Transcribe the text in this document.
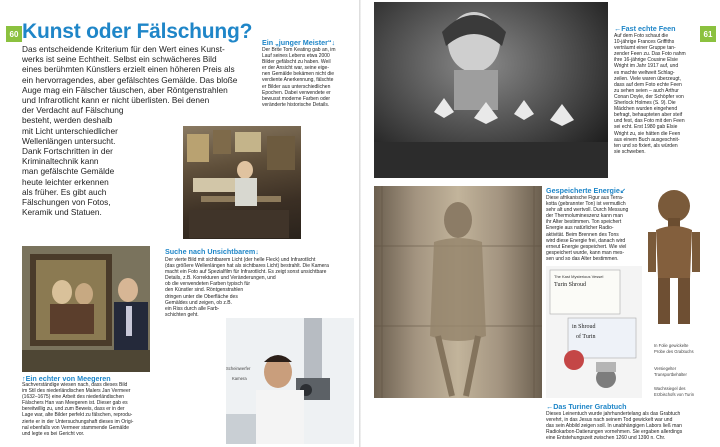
60 Kunst oder Fälschung?
Das entscheidende Kriterium für den Wert eines Kunst-
werks ist seine Echtheit. Selbst ein schwächeres Bild
eines berühmten Künstlers erzielt einen höheren Preis als
ein hervorragendes, aber gefälschtes Gemälde. Das bloße
Auge mag ein Fälscher täuschen, aber Röntgenstrahlen
und Infrarotlicht kann er nicht überlisten. Bei denen
der Verdacht auf Fälschung
besteht, werden deshalb
mit Licht unterschiedlicher
Wellenlängen untersucht.
Dank Fortschritten in der
Kriminaltechnik kann
man gefälschte Gemälde
heute leichter erkennen
als früher. Es gibt auch
Fälschungen von Fotos,
Keramik und Statuen.
Ein „junger Meister“↓
Der Brite Tom Keating gab an, im
Lauf seines Lebens etwa 2000
Bilder gefälscht zu haben. Weil
er der Ansicht war, seine eige-
nen Gemälde bekämen nicht die
verdiente Anerkennung, fälschte
er Bilder aus unterschiedlichen
Epochen. Dabei verwendete er
bewusst moderne Farben oder
veränderte historische Details.
↑Ein echter von Meegeren
Sachverständige wiesen nach, dass dieses Bild
im Stil des niederländischen Malers Jan Vermeer
(1632–1675) eine Arbeit des niederländischen
Fälschers Han van Meegeren ist. Dieser gab es
bereitwillig zu, und zum Beweis, dass er in der
Lage war, alte Bilder perfekt zu fälschen, reprodu-
zierte er in der Untersuchungshaft dieses im Origi-
nal ebenfalls von Vermeer stammende Gemälde
und legte es bei Gericht vor.
Suche nach Unsichtbarem↓
Der vierte Bild mit sichtbarem Licht (der helle Fleck) und Infrarotlicht
(das größere Wellenlängen hat als sichtbares Licht) bestrahlt. Die Kamera
macht ein Foto auf Spezialfilm für Infrarotlicht. Es zeigt sonst unsichtbare
Details, z.B. Korrekturen und Veränderungen, und
ob die verwendeten Farben typisch für
den Künstler sind. Röntgenstrahlen
dringen unter die Oberfläche des
Gemäldes und zeigen, ob z.B.
ein Riss durch alle Farb-
schichten geht.
Scheinwerfer
Kamera
61
←Fast echte Feen
Auf dem Foto schaut die
10-jährige Frances Griffiths
verträumt einer Gruppe tan-
zender Feen zu. Das Foto nahm
ihre 16-jährige Cousine Elsie
Wright im Jahr 1917 auf, und
es machte weltweit Schlag-
zeilen. Viele waren überzeugt,
dass auf dem Foto echte Feen
zu sehen seien – auch Arthur
Conan Doyle, der Schöpfer von
Sherlock Holmes (S. 9). Die
Mädchen wurden eingehend
befragt, behaupteten aber steif
und fest, das Foto mit den Feen
sei echt. Erst 1980 gab Elsie
Wright zu, sie hätten die Feen
aus einem Buch ausgeschnit-
ten und so fixiert, als würden
sie schweben.
Gespeicherte Energie↙
Diese afrikanische Figur aus Terra-
kotta (gebrannter Ton) ist vermutlich
sehr alt und wertvoll. Durch Messung
der Thermolumineszenz kann man
ihr Alter bestimmen. Ton speichert
Energie aus natürlicher Radio-
aktivität. Beim Brennen des Tons
wird diese Energie frei, danach wird
erneut Energie gespeichert. Wie viel
gespeichert wurde, kann man mes-
sen und so das Alter bestimmen.
The Kast Mysterious Vessel
Turin Shroud
in Shroud
of Turin
In Folie gewickelte
Probe des Grabtuchs
Versiegelter
Transportbehälter
Wachssiegel des
Erzbischofs von Turin
←Das Turiner Grabtuch
Dieses Leinentuch wurde jahrhundertelang als das Grabtuch
verehrt, in das Jesus nach seinem Tod gewickelt war und
das sein Abbild zeigen soll. In unabhängigen Labors ließ man
Radiokarbon-Datierungen vornehmen. Sie ergaben allerdings
eine Entstehungszeit zwischen 1260 und 1390 n. Chr.
